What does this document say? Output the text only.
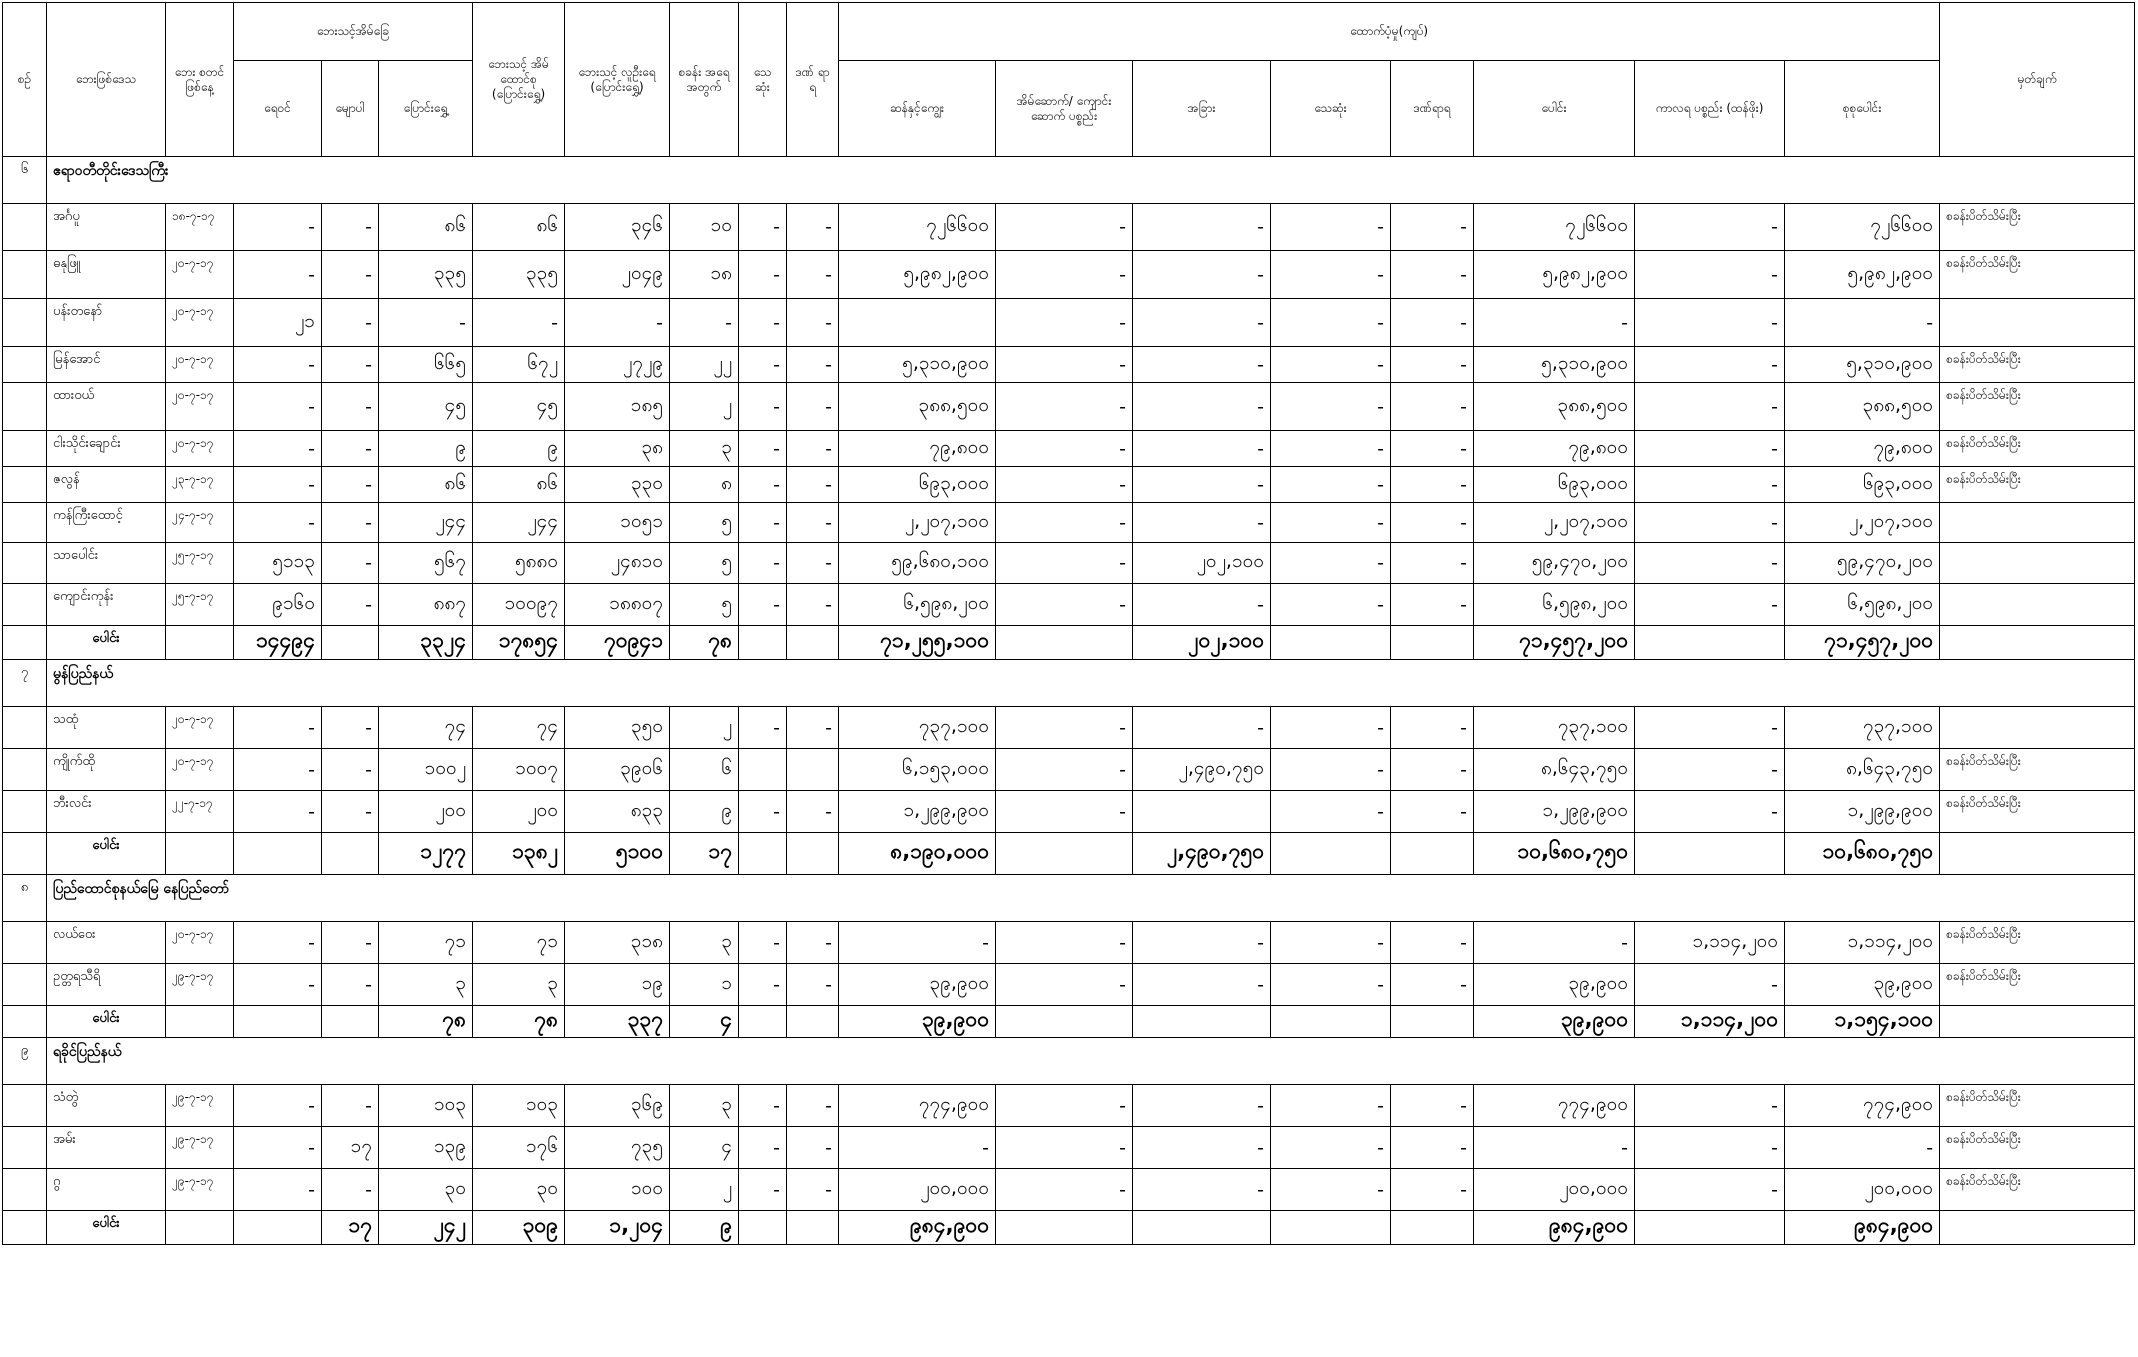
စဉ်	ဘေးဖြစ်ဒေသ	ဘေး စတင် ဖြစ်နေ့	ဘေးသင့်အိမ်ခြေ			ဘေးသင့် အိမ် ထောင်စု (ပြောင်းရွှေ့)	ဘေးသင့် လူဦးရေ (ပြောင်းရွှေ့)	စခန်း အရေ အတွက်	သေ ဆုံး	ဒဏ် ရာ ရ	ထောက်ပံ့မှု(ကျပ်)								မှတ်ချက်
			ရေဝင်	မျောပါ	ပြောင်းရွှေ့						ဆန်နှင့်ကျွေး	အိမ်ဆောက်/ ကျောင်းဆောက် ပစ္စည်း	အခြား	သေဆုံး	ဒဏ်ရာရ	ပေါင်း	ကာလရ ပစ္စည်း (ထန်ဖိုး)	စုစုပေါင်း	
၆	ဧရာဝတီတိုင်းဒေသကြီး																		
	အင်္ဂပူ	၁၈-၇-၁၇	-	-	၈၆	၈၆	၃၄၆	၁၀	-	-	၇၂၆၆၀၀	-	-	-	-	၇၂၆၆၀၀	-	၇၂၆၆၀၀	စခန်းပိတ်သိမ်းပြီး
	ဓနုဖြူ	၂၀-၇-၁၇	-	-	၃၃၅	၃၃၅	၂၀၄၉	၁၈	-	-	၅,၉၈၂,၉၀၀	-	-	-	-	၅,၉၈၂,၉၀၀	-	၅,၉၈၂,၉၀၀	စခန်းပိတ်သိမ်းပြီး
	ပန်းတနော်	၂၀-၇-၁၇	၂၁	-	-	-	-	-	-	-		-	-	-	-	-	-	-	
	မြန်အောင်	၂၀-၇-၁၇	-	-	၆၆၅	၆၇၂	၂၇၂၉	၂၂	-	-	၅,၃၁၀,၉၀၀	-	-	-	-	၅,၃၁၀,၉၀၀	-	၅,၃၁၀,၉၀၀	စခန်းပိတ်သိမ်းပြီး
	ထားဝယ်	၂၀-၇-၁၇	-	-	၄၅	၄၅	၁၈၅	၂	-	-	၃၈၈,၅၀၀	-	-	-	-	၃၈၈,၅၀၀	-	၃၈၈,၅၀၀	စခန်းပိတ်သိမ်းပြီး
	ငါးသိုင်းချောင်း	၂၀-၇-၁၇	-	-	၉	၉	၃၈	၃	-	-	၇၉,၈၀၀	-	-	-	-	၇၉,၈၀၀	-	၇၉,၈၀၀	စခန်းပိတ်သိမ်းပြီး
	ဇလွန်	၂၃-၇-၁၇	-	-	၈၆	၈၆	၃၃၀	၈	-	-	၆၉၃,၀၀၀	-	-	-	-	၆၉၃,၀၀၀	-	၆၉၃,၀၀၀	စခန်းပိတ်သိမ်းပြီး
	ကန်ကြီးထောင့်	၂၄-၇-၁၇	-	-	၂၄၄	၂၄၄	၁၀၅၁	၅	-	-	၂,၂၀၇,၁၀၀	-	-	-	-	၂,၂၀၇,၁၀၀	-	၂,၂၀၇,၁၀၀	
	သာပေါင်း	၂၅-၇-၁၇	၅၁၁၃	-	၅၆၇	၅၈၈၀	၂၄၈၁၀	၅	-	-	၅၉,၆၈၀,၁၀၀	-	၂၀၂,၁၀၀	-	-	၅၉,၄၇၀,၂၀၀	-	၅၉,၄၇၀,၂၀၀	
	ကျောင်းကုန်း	၂၅-၇-၁၇	၉၁၆၀	-	၈၈၇	၁၀၀၉၇	၁၈၈၀၇	၅	-	-	၆,၅၉၈,၂၀၀	-	-	-	-	၆,၅၉၈,၂၀၀	-	၆,၅၉၈,၂၀၀	
	ပေါင်း		၁၄၄၉၄		၃၃၂၄	၁၇၈၅၄	၇၀၉၄၁	၇၈			၇၁,၂၅၅,၁၀၀		၂၀၂,၁၀၀			၇၁,၄၅၇,၂၀၀		၇၁,၄၅၇,၂၀၀	
၇	မွန်ပြည်နယ်																		
	သထုံ	၂၀-၇-၁၇	-	-	၇၄	၇၄	၃၅၀	၂	-	-	၇၃၇,၁၀၀	-	-	-	-	၇၃၇,၁၀၀	-	၇၃၇,၁၀၀	
	ကျိုက်ထို	၂၀-၇-၁၇	-	-	၁၀၀၂	၁၀၀၇	၃၉၀၆	၆			၆,၁၅၃,၀၀၀	-	၂,၄၉၀,၇၅၀	-	-	၈,၆၄၃,၇၅၀	-	၈,၆၄၃,၇၅၀	စခန်းပိတ်သိမ်းပြီး
	ဘီးလင်း	၂၂-၇-၁၇	-	-	၂၀၀	၂၀၀	၈၃၃	၉	-	-	၁,၂၉၉,၉၀၀	-		-	-	၁,၂၉၉,၉၀၀	-	၁,၂၉၉,၉၀၀	စခန်းပိတ်သိမ်းပြီး
	ပေါင်း				၁၂၇၇	၁၃၈၂	၅၁၀၀	၁၇			၈,၁၉၀,၀၀၀		၂,၄၉၀,၇၅၀			၁၀,၆၈၀,၇၅၀		၁၀,၆၈၀,၇၅၀	
၈	ပြည်ထောင်စုနယ်မြေ နေပြည်တော်																		
	လယ်ဝေး	၂၀-၇-၁၇	-	-	၇၁	၇၁	၃၁၈	၃	-	-	-	-	-	-	-	-	၁,၁၁၄,၂၀၀	၁,၁၁၄,၂၀၀	စခန်းပိတ်သိမ်းပြီး
	ဥတ္တရသီရိ	၂၉-၇-၁၇	-	-	၃	၃	၁၉	၁	-	-	၃၉,၉၀၀	-	-	-	-	၃၉,၉၀၀	-	၃၉,၉၀၀	စခန်းပိတ်သိမ်းပြီး
	ပေါင်း				၇၈	၇၈	၃၃၇	၄			၃၉,၉၀၀					၃၉,၉၀၀	၁,၁၁၄,၂၀၀	၁,၁၅၄,၁၀၀	
၉	ရခိုင်ပြည်နယ်																		
	သံတွဲ	၂၉-၇-၁၇	-	-	၁၀၃	၁၀၃	၃၆၉	၃	-	-	၇၇၄,၉၀၀	-	-	-	-	၇၇၄,၉၀၀	-	၇၇၄,၉၀၀	စခန်းပိတ်သိမ်းပြီး
	အမ်း	၂၉-၇-၁၇	-	၁၇	၁၃၉	၁၇၆	၇၃၅	၄	-	-	-	-	-	-	-	-	-	-	စခန်းပိတ်သိမ်းပြီး
	ဂွ	၂၉-၇-၁၇	-	-	၃၀	၃၀	၁၀၀	၂	-	-	၂၀၀,၀၀၀	-	-	-	-	၂၀၀,၀၀၀	-	၂၀၀,၀၀၀	စခန်းပိတ်သိမ်းပြီး
	ပေါင်း			၁၇	၂၄၂	၃၀၉	၁,၂၀၄	၉			၉၈၄,၉၀၀					၉၈၄,၉၀၀		၉၈၄,၉၀၀	
